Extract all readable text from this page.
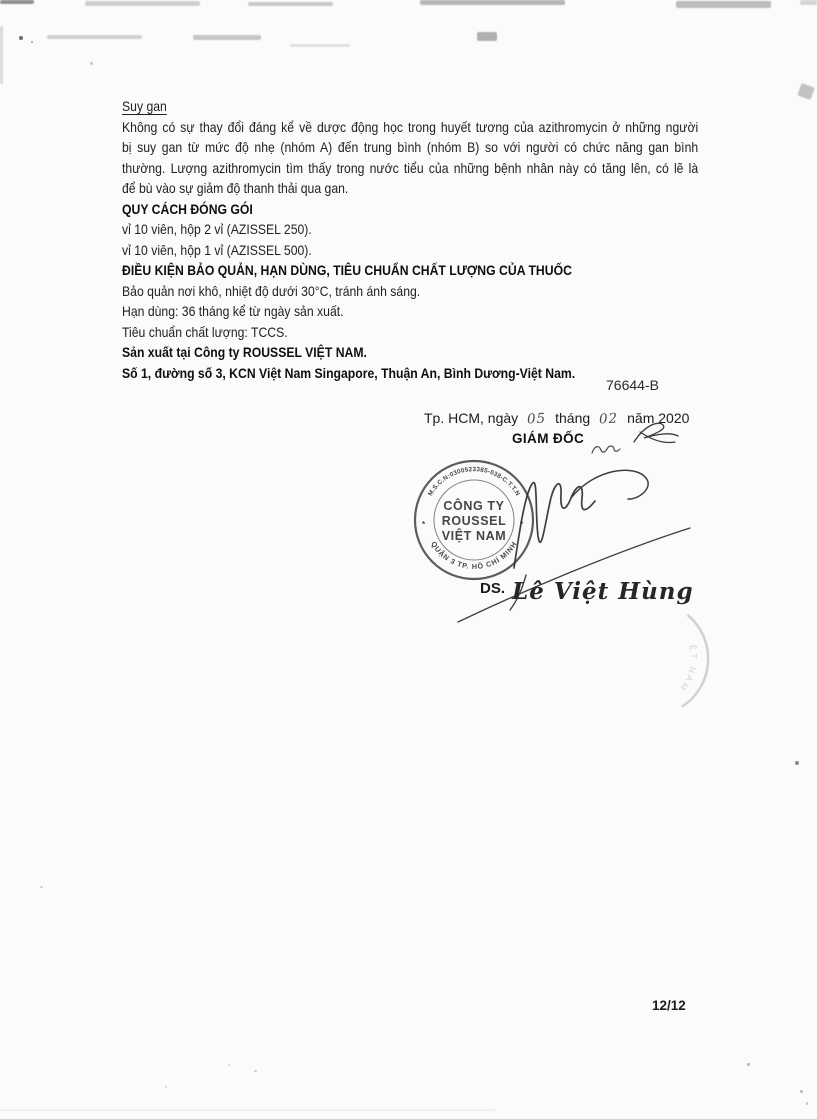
Suy gan
Không có sự thay đổi đáng kể về dược động học trong huyết tương của azithromycin ở những người
bị suy gan từ mức độ nhẹ (nhóm A) đến trung bình (nhóm B) so với người có chức năng gan bình
thường. Lượng azithromycin tìm thấy trong nước tiểu của những bệnh nhân này có tăng lên, có lẽ là
để bù vào sự giảm độ thanh thải qua gan.
QUY CÁCH ĐÓNG GÓI
vỉ 10 viên, hộp 2 vỉ (AZISSEL 250).
vỉ 10 viên, hộp 1 vỉ (AZISSEL 500).
ĐIỀU KIỆN BẢO QUẢN, HẠN DÙNG, TIÊU CHUẨN CHẤT LƯỢNG CỦA THUỐC
Bảo quản nơi khô, nhiệt độ dưới 30°C, tránh ánh sáng.
Hạn dùng: 36 tháng kể từ ngày sản xuất.
Tiêu chuẩn chất lượng: TCCS.
Sản xuất tại Công ty ROUSSEL VIỆT NAM.
Số 1, đường số 3, KCN Việt Nam Singapore, Thuận An, Bình Dương-Việt Nam.
76644-B
Tp. HCM, ngày 05 tháng 02 năm 2020
GIÁM ĐỐC
M.S.C.N:0300523385-038-C.T.T.N
QUẬN 3 TP. HỒ CHÍ MINH
*	*
CÔNG TY
ROUSSEL
VIỆT NAM
DS. Lê Việt Hùng
ỆT NAM
12/12
